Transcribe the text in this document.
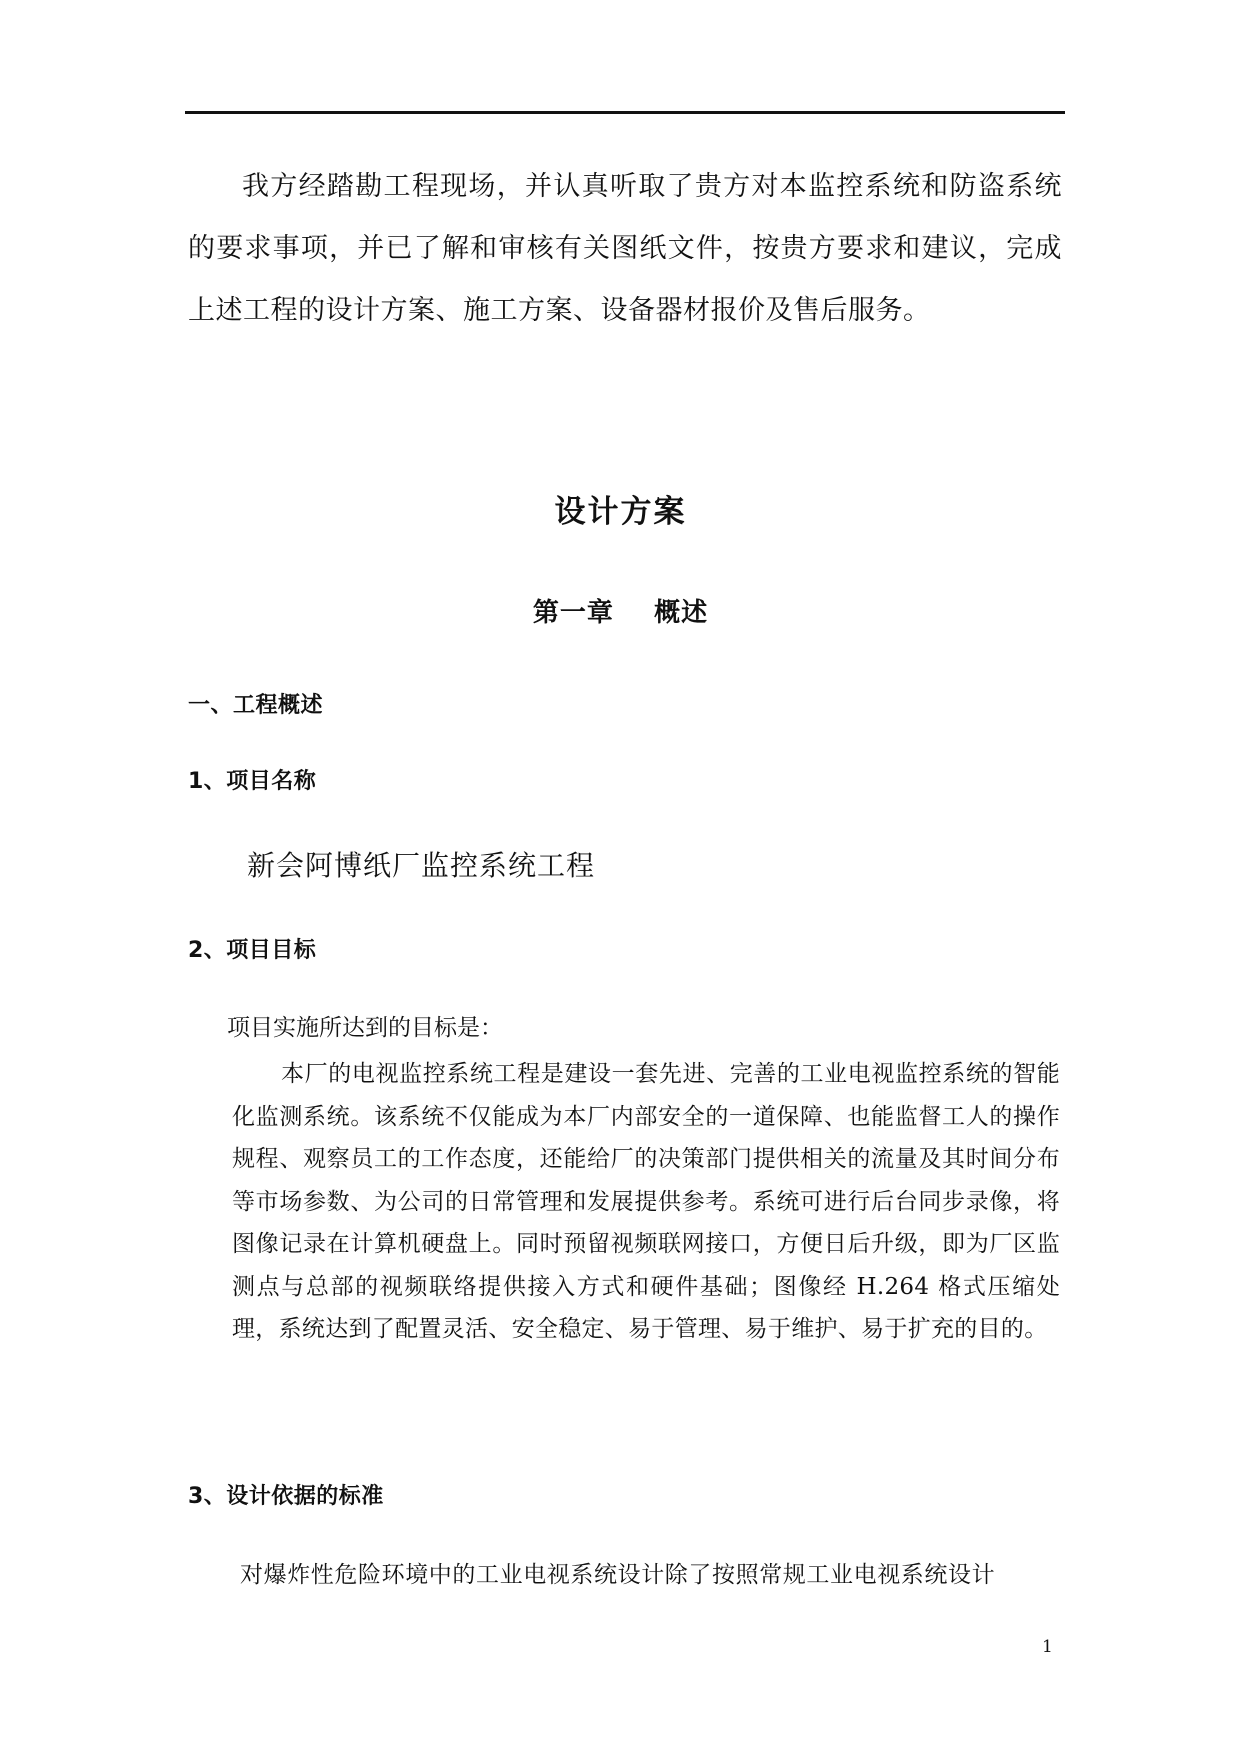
我方经踏勘工程现场，并认真听取了贵方对本监控系统和防盗系统的要求事项，并已了解和审核有关图纸文件，按贵方要求和建议，完成上述工程的设计方案、施工方案、设备器材报价及售后服务。

设计方案
第一章    概述
一、工程概述
1、项目名称
新会阿博纸厂监控系统工程
2、项目目标
项目实施所达到的目标是：

本厂的电视监控系统工程是建设一套先进、完善的工业电视监控系统的智能化监测系统。该系统不仅能成为本厂内部安全的一道保障、也能监督工人的操作规程、观察员工的工作态度，还能给厂的决策部门提供相关的流量及其时间分布等市场参数、为公司的日常管理和发展提供参考。系统可进行后台同步录像，将图像记录在计算机硬盘上。同时预留视频联网接口，方便日后升级，即为厂区监测点与总部的视频联络提供接入方式和硬件基础；图像经 H.264 格式压缩处理，系统达到了配置灵活、安全稳定、易于管理、易于维护、易于扩充的目的。

3、设计依据的标准
对爆炸性危险环境中的工业电视系统设计除了按照常规工业电视系统设计
1
